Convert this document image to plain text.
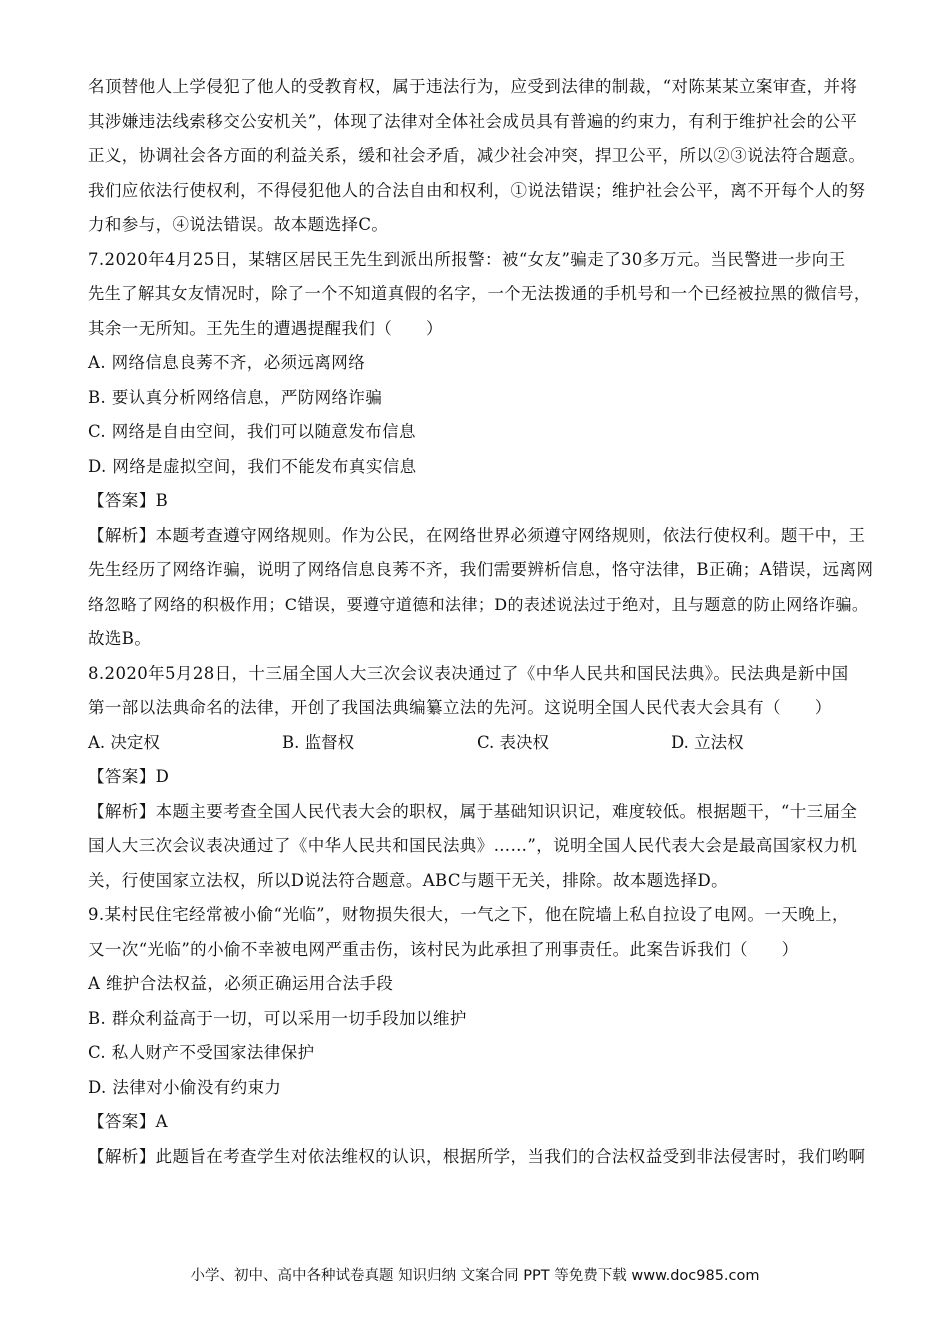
名顶替他人上学侵犯了他人的受教育权，属于违法行为，应受到法律的制裁，“对陈某某立案审查，并将
其涉嫌违法线索移交公安机关”，体现了法律对全体社会成员具有普遍的约束力，有利于维护社会的公平
正义，协调社会各方面的利益关系，缓和社会矛盾，减少社会冲突，捍卫公平，所以②③说法符合题意。
我们应依法行使权利，不得侵犯他人的合法自由和权利，①说法错误；维护社会公平，离不开每个人的努
力和参与，④说法错误。故本题选择C。
7.2020年4月25日，某辖区居民王先生到派出所报警：被“女友”骗走了30多万元。当民警进一步向王
先生了解其女友情况时，除了一个不知道真假的名字，一个无法拨通的手机号和一个已经被拉黑的微信号，
其余一无所知。王先生的遭遇提醒我们（　　）
A. 网络信息良莠不齐，必须远离网络
B. 要认真分析网络信息，严防网络诈骗
C. 网络是自由空间，我们可以随意发布信息
D. 网络是虚拟空间，我们不能发布真实信息
【答案】B
【解析】本题考查遵守网络规则。作为公民，在网络世界必须遵守网络规则，依法行使权利。题干中，王
先生经历了网络诈骗，说明了网络信息良莠不齐，我们需要辨析信息，恪守法律，B正确；A错误，远离网
络忽略了网络的积极作用；C错误，要遵守道德和法律；D的表述说法过于绝对，且与题意的防止网络诈骗。
故选B。
8.2020年5月28日，十三届全国人大三次会议表决通过了《中华人民共和国民法典》。民法典是新中国
第一部以法典命名的法律，开创了我国法典编纂立法的先河。这说明全国人民代表大会具有（　　）
A. 决定权	B. 监督权	C. 表决权	D. 立法权
【答案】D
【解析】本题主要考查全国人民代表大会的职权，属于基础知识识记，难度较低。根据题干，“十三届全
国人大三次会议表决通过了《中华人民共和国民法典》……”，说明全国人民代表大会是最高国家权力机
关，行使国家立法权，所以D说法符合题意。ABC与题干无关，排除。故本题选择D。
9.某村民住宅经常被小偷“光临”，财物损失很大，一气之下，他在院墙上私自拉设了电网。一天晚上，
又一次“光临”的小偷不幸被电网严重击伤，该村民为此承担了刑事责任。此案告诉我们（　　）
A 维护合法权益，必须正确运用合法手段
B. 群众利益高于一切，可以采用一切手段加以维护
C. 私人财产不受国家法律保护
D. 法律对小偷没有约束力
【答案】A
【解析】此题旨在考查学生对依法维权的认识，根据所学，当我们的合法权益受到非法侵害时，我们哟啊
小学、初中、高中各种试卷真题 知识归纳 文案合同 PPT 等免费下载 www.doc985.com
